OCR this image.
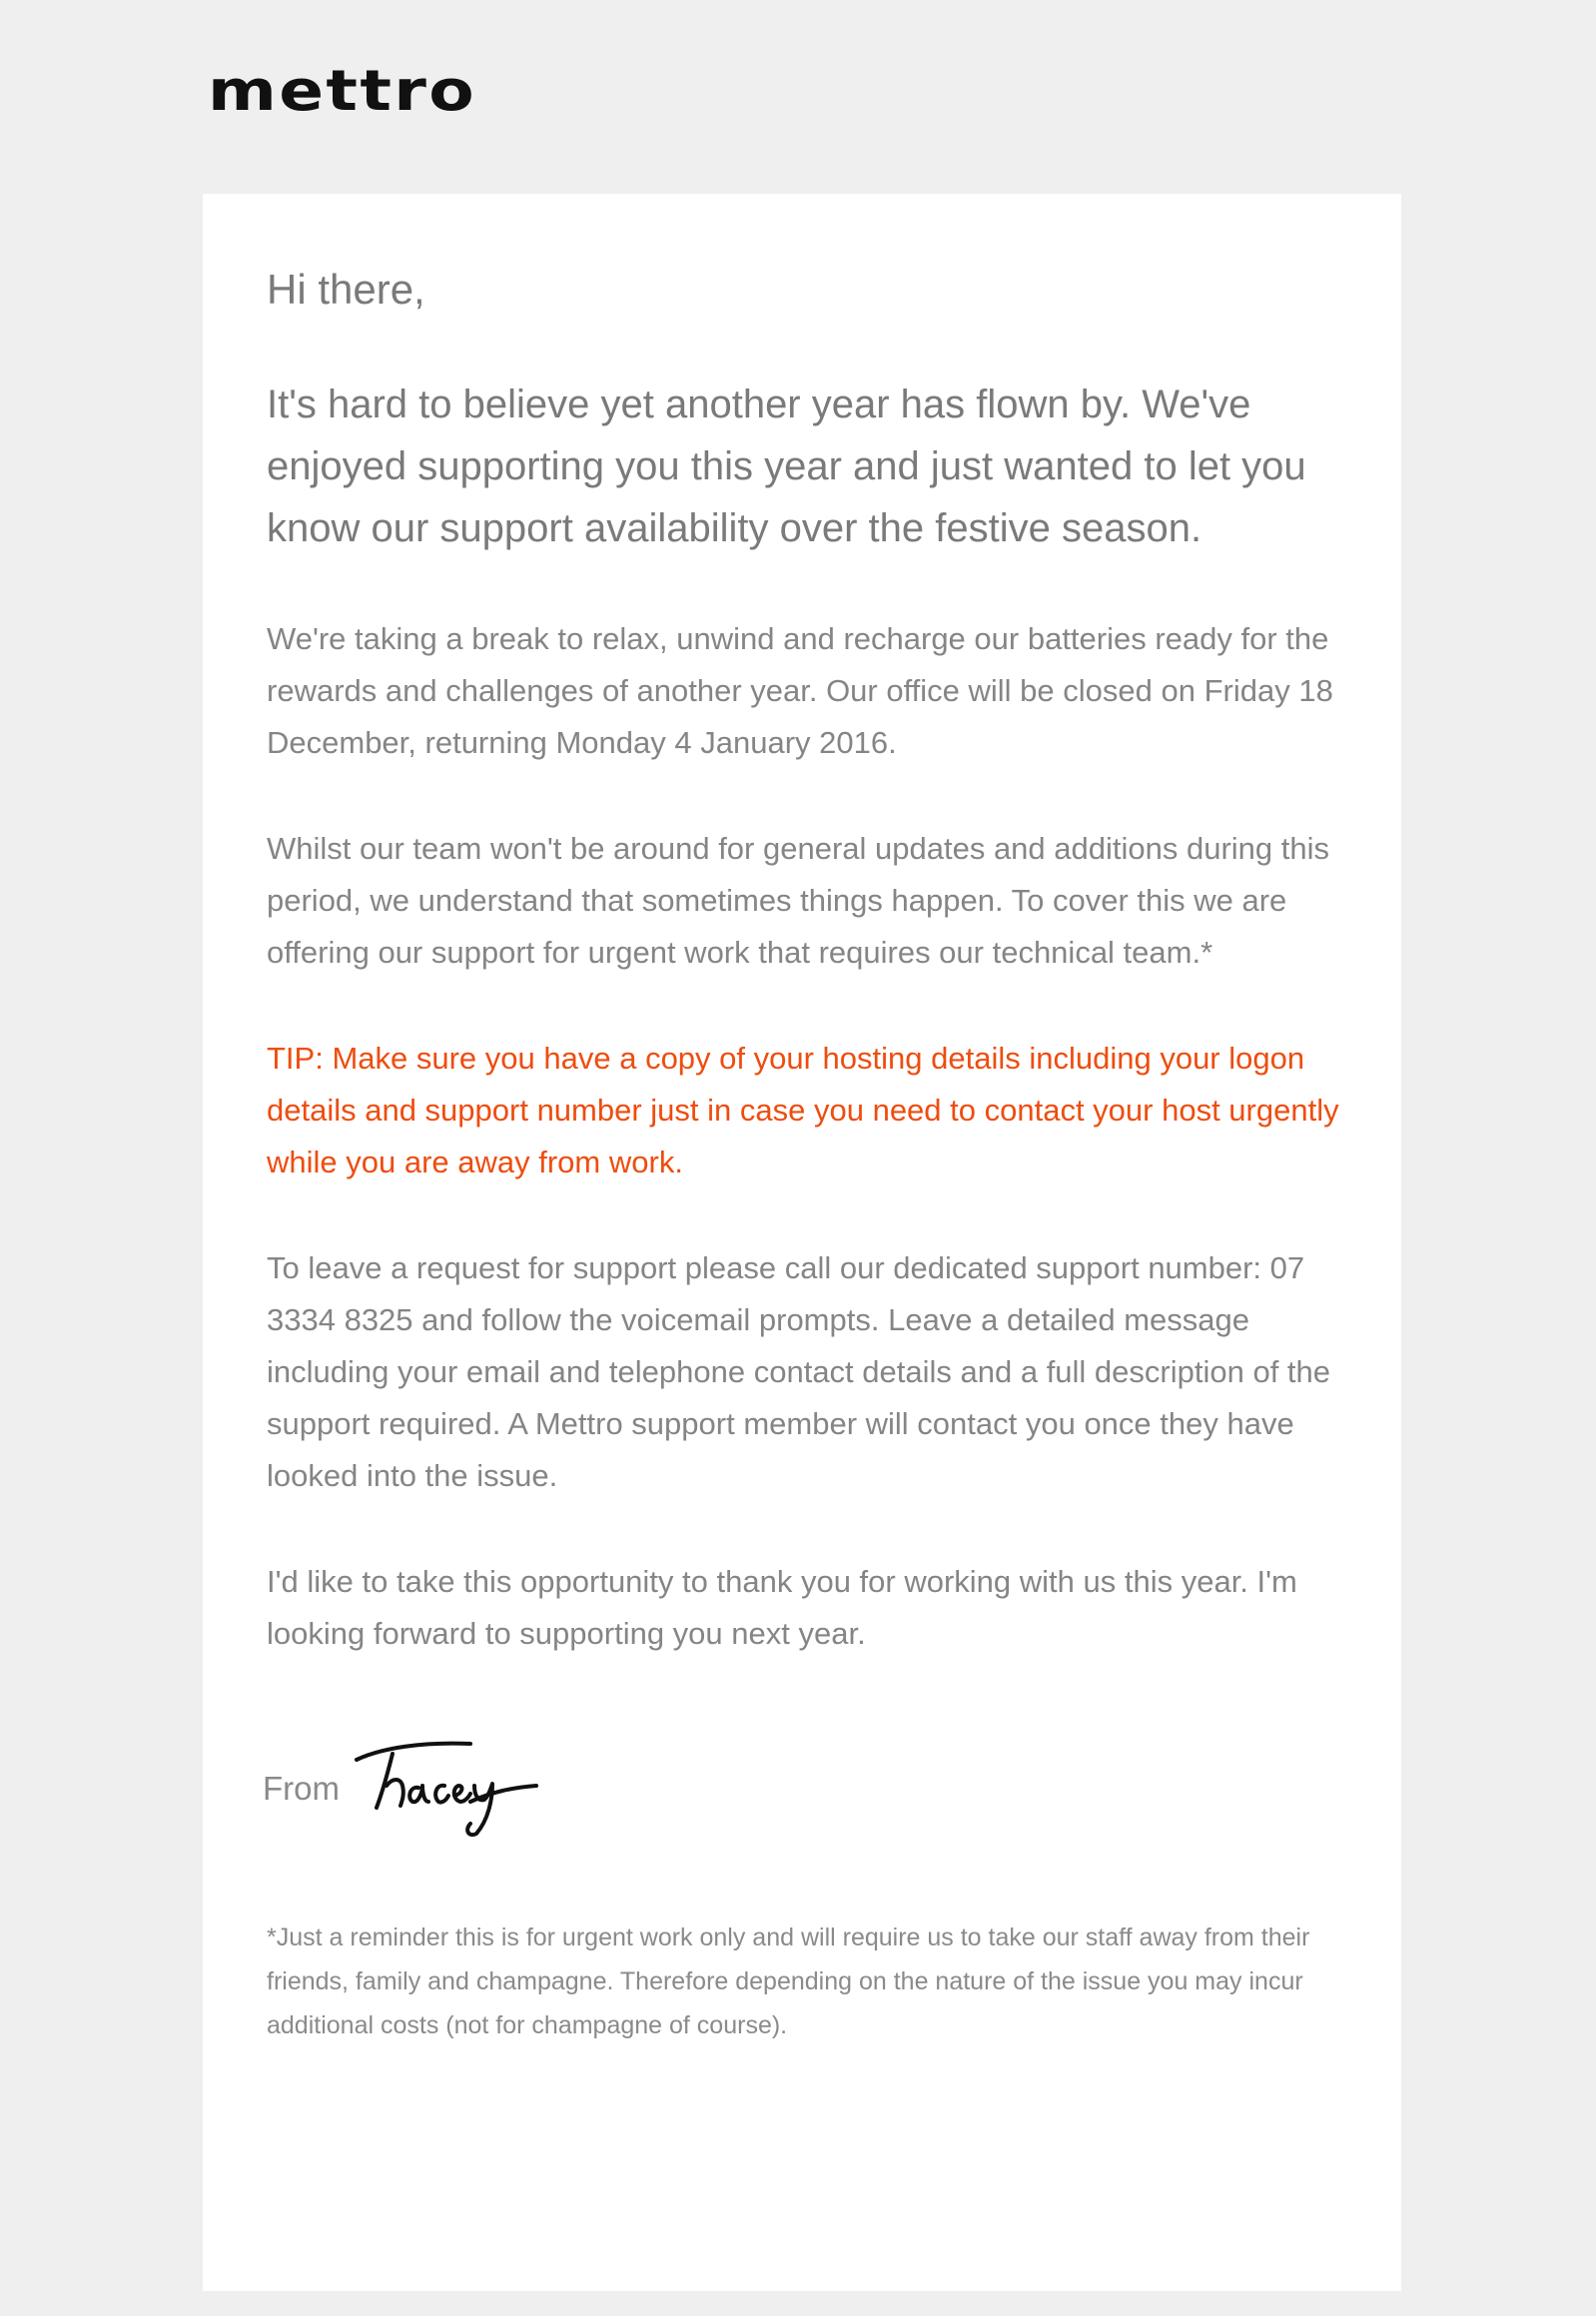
mettro

Hi there,

It's hard to believe yet another year has flown by. We've enjoyed supporting you this year and just wanted to let you know our support availability over the festive season.

We're taking a break to relax, unwind and recharge our batteries ready for the rewards and challenges of another year. Our office will be closed on Friday 18 December, returning Monday 4 January 2016.

Whilst our team won't be around for general updates and additions during this period, we understand that sometimes things happen. To cover this we are offering our support for urgent work that requires our technical team.*

TIP: Make sure you have a copy of your hosting details including your logon details and support number just in case you need to contact your host urgently while you are away from work.

To leave a request for support please call our dedicated support number: 07 3334 8325 and follow the voicemail prompts. Leave a detailed message including your email and telephone contact details and a full description of the support required. A Mettro support member will contact you once they have looked into the issue.

I'd like to take this opportunity to thank you for working with us this year. I'm looking forward to supporting you next year.

From

*Just a reminder this is for urgent work only and will require us to take our staff away from their friends, family and champagne. Therefore depending on the nature of the issue you may incur additional costs (not for champagne of course).
